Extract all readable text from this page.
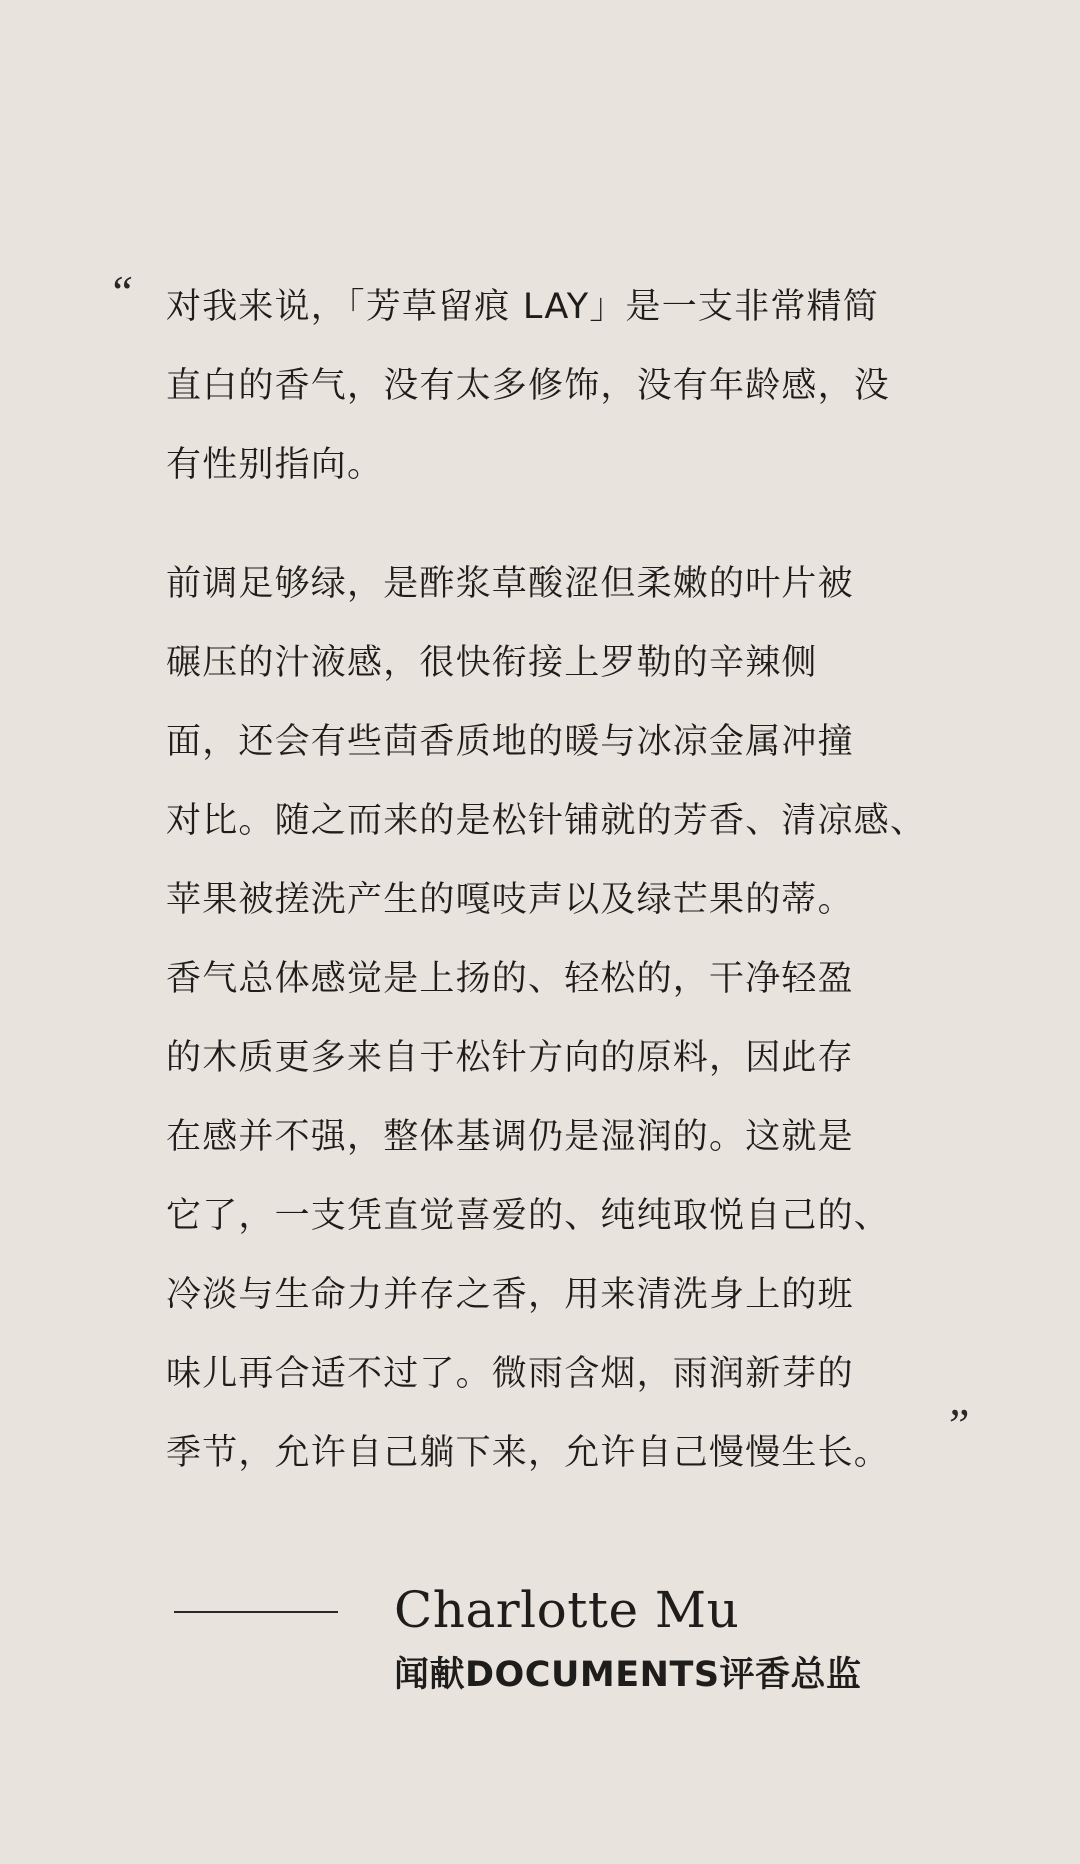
“ 对我来说，「芳草留痕 LAY」是一支非常精简
直白的香气，没有太多修饰，没有年龄感，没
有性别指向。

前调足够绿，是酢浆草酸涩但柔嫩的叶片被
碾压的汁液感，很快衔接上罗勒的辛辣侧
面，还会有些茴香质地的暖与冰凉金属冲撞
对比。随之而来的是松针铺就的芳香、清凉感、
苹果被搓洗产生的嘎吱声以及绿芒果的蒂。
香气总体感觉是上扬的、轻松的，干净轻盈
的木质更多来自于松针方向的原料，因此存
在感并不强，整体基调仍是湿润的。这就是
它了，一支凭直觉喜爱的、纯纯取悦自己的、
冷淡与生命力并存之香，用来清洗身上的班
味儿再合适不过了。微雨含烟，雨润新芽的
季节，允许自己躺下来，允许自己慢慢生长。

”
Charlotte Mu
闻献DOCUMENTS评香总监
